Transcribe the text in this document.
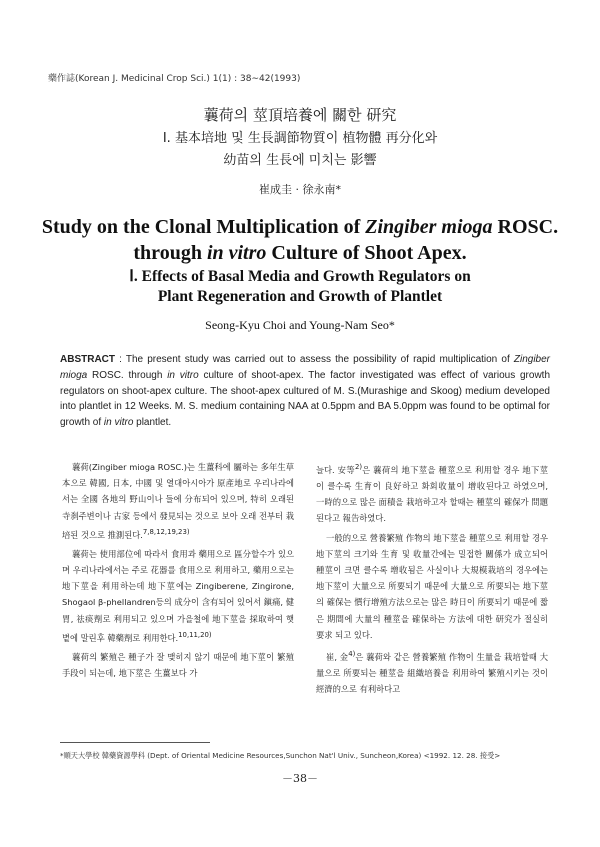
藥作誌(Korean J. Medicinal Crop Sci.) 1(1) : 38∼42(1993)
蘘荷의 莖頂培養에 關한 研究
Ⅰ. 基本培地 및 生長調節物質이 植物體 再分化와
幼苗의 生長에 미치는 影響
崔成圭 · 徐永南*
Study on the Clonal Multiplication of Zingiber mioga ROSC.
through in vitro Culture of Shoot Apex.
Ⅰ. Effects of Basal Media and Growth Regulators on
Plant Regeneration and Growth of Plantlet
Seong-Kyu Choi and Young-Nam Seo*
ABSTRACT : The present study was carried out to assess the possibility of rapid multiplication of Zingiber mioga ROSC. through in vitro culture of shoot-apex. The factor investigated was effect of various growth regulators on shoot-apex culture. The shoot-apex cultured of M. S.(Murashige and Skoog) medium developed into plantlet in 12 Weeks. M. S. medium containing NAA at 0.5ppm and BA 5.0ppm was found to be optimal for growth of in vitro plantlet.

蘘荷(Zingiber mioga ROSC.)는 生薑科에 屬하는 多年生草本으로 韓國, 日本, 中國 및 열대아시아가 原產地로 우리나라에서는 全國 各地의 野山이나 들에 分布되어 있으며, 特히 오래된 寺刹주변이나 古家 등에서 發見되는 것으로 보아 오래 전부터 栽培된 것으로 推測된다.$^{7,8,12,19,23)}$

蘘荷는 使用部位에 따라서 食用과 藥用으로 區分할수가 있으며 우리나라에서는 주로 花器를 食用으로 利用하고, 藥用으로는 地下莖을 利用하는데 地下莖에는 Zingiberene, Zingirone, Shogaol β-phellandren등의 成分이 含有되어 있어서 鎭痛, 健胃, 祛痰劑로 利用되고 있으며 가을철에 地下莖을 採取하여 햇볕에 말린후 韓藥劑로 利用한다.$^{10,11,20)}$

蘘荷의 繁殖은 種子가 잘 맺히지 않기 때문에 地下莖이 繁殖手段이 되는데, 地下莖은 生薑보다 가

늘다. 安等$^{2)}$은 蘘荷의 地下莖을 種莖으로 利用할 경우 地下莖이 클수록 生育이 良好하고 화회收量이 增收된다고 하였으며, 一時的으로 많은 面積을 栽培하고자 할때는 種莖의 確保가 問題 된다고 報告하였다.

一般的으로 營養繁殖 作物의 地下莖을 種莖으로 利用할 경우 地下莖의 크기와 生育 및 收量간에는 밀접한 關係가 成立되어 種莖이 크면 클수록 增收됨은 사실이나 大規模栽培의 경우에는 地下莖이 大量으로 所要되기 때문에 大量으로 所要되는 地下莖의 確保는 慣行增殖方法으로는 많은 時日이 所要되기 때문에 짧은 期間에 大量의 種莖을 確保하는 方法에 대한 研究가 절실히 要求 되고 있다.

崔, 金$^{4)}$은 蘘荷와 같은 營養繁殖 作物이 生量을 栽培할때 大量으로 所要되는 種莖을 組織培養을 利用하여 繁殖시키는 것이 經濟的으로 有利하다고

*順天大學校 韓藥資源學科 (Dept. of Oriental Medicine Resources,Sunchon Nat'l Univ., Suncheon,Korea) <1992. 12. 28. 接受>
－38－
